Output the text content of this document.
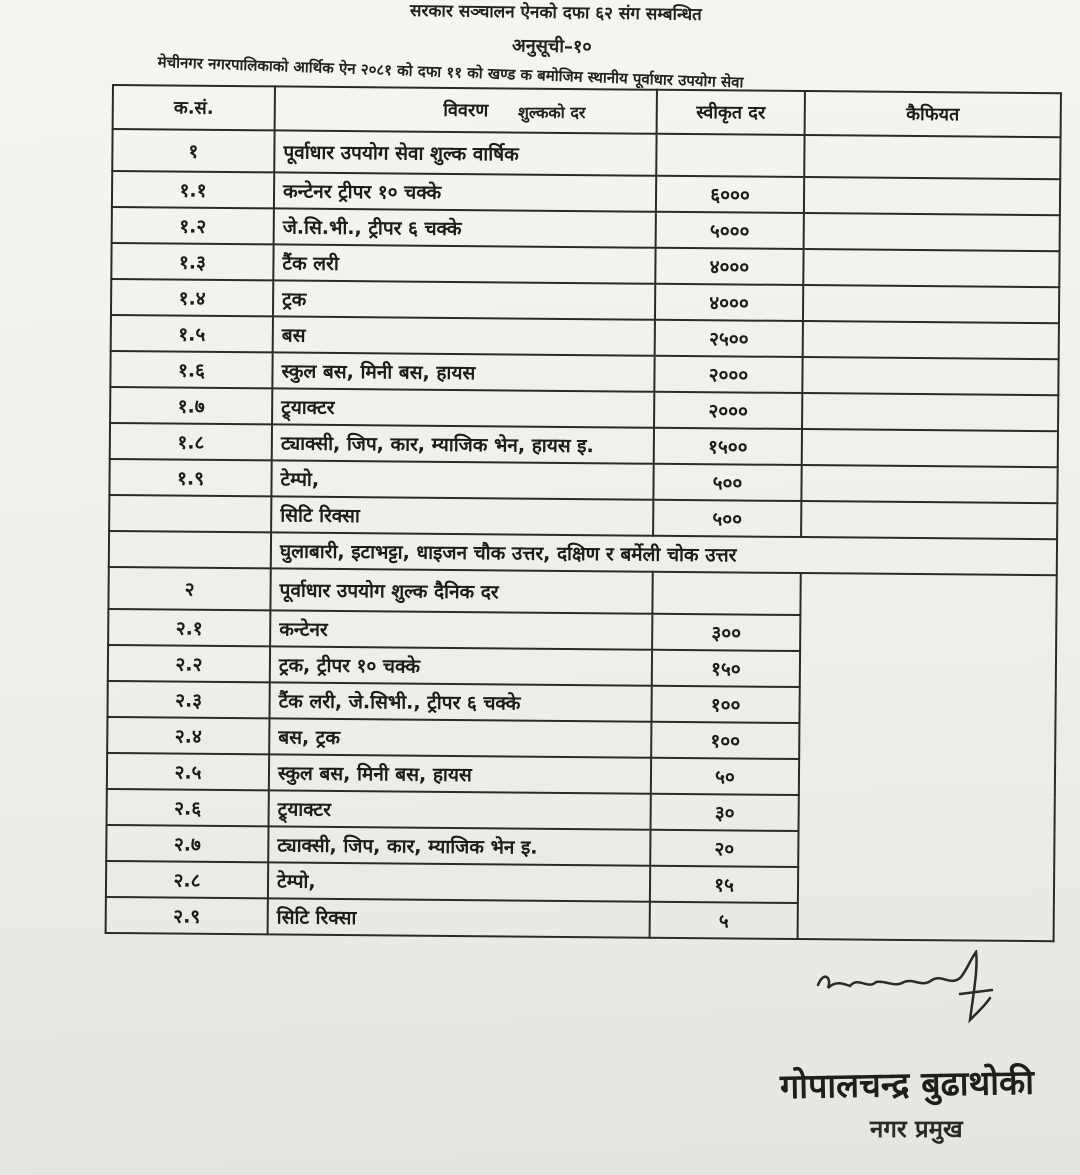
सरकार सञ्चालन ऐनको दफा ६२ संग सम्बन्धित
अनुसूची–१०
मेचीनगर नगरपालिकाको आर्थिक ऐन २०८१ को दफा ११ को खण्ड क बमोजिम स्थानीय पूर्वाधार उपयोग सेवा
शुल्कको दर
क.सं.	विवरण	स्वीकृत दर	कैफियत
१	पूर्वाधार उपयोग सेवा शुल्क वार्षिक		
१.१	कन्टेनर ट्रीपर १० चक्के	६०००	
१.२	जे.सि.भी., ट्रीपर ६ चक्के	५०००	
१.३	टैंक लरी	४०००	
१.४	ट्रक	४०००	
१.५	बस	२५००	
१.६	स्कुल बस, मिनी बस, हायस	२०००	
१.७	ट्र्याक्टर	२०००	
१.८	ट्याक्सी, जिप, कार, म्याजिक भेन, हायस इ.	१५००	
१.९	टेम्पो,	५००	
	सिटि रिक्सा	५००	
	घुलाबारी, इटाभट्टा, धाइजन चौक उत्तर, दक्षिण र बर्मेली चोक उत्तर		
२	पूर्वाधार उपयोग शुल्क दैनिक दर		
२.१	कन्टेनर	३००	
२.२	ट्रक, ट्रीपर १० चक्के	१५०	
२.३	टैंक लरी, जे.सिभी., ट्रीपर ६ चक्के	१००	
२.४	बस, ट्रक	१००	
२.५	स्कुल बस, मिनी बस, हायस	५०	
२.६	ट्र्याक्टर	३०	
२.७	ट्याक्सी, जिप, कार, म्याजिक भेन इ.	२०	
२.८	टेम्पो,	१५	
२.९	सिटि रिक्सा	५	
गोपालचन्द्र बुढाथोकी
नगर प्रमुख
